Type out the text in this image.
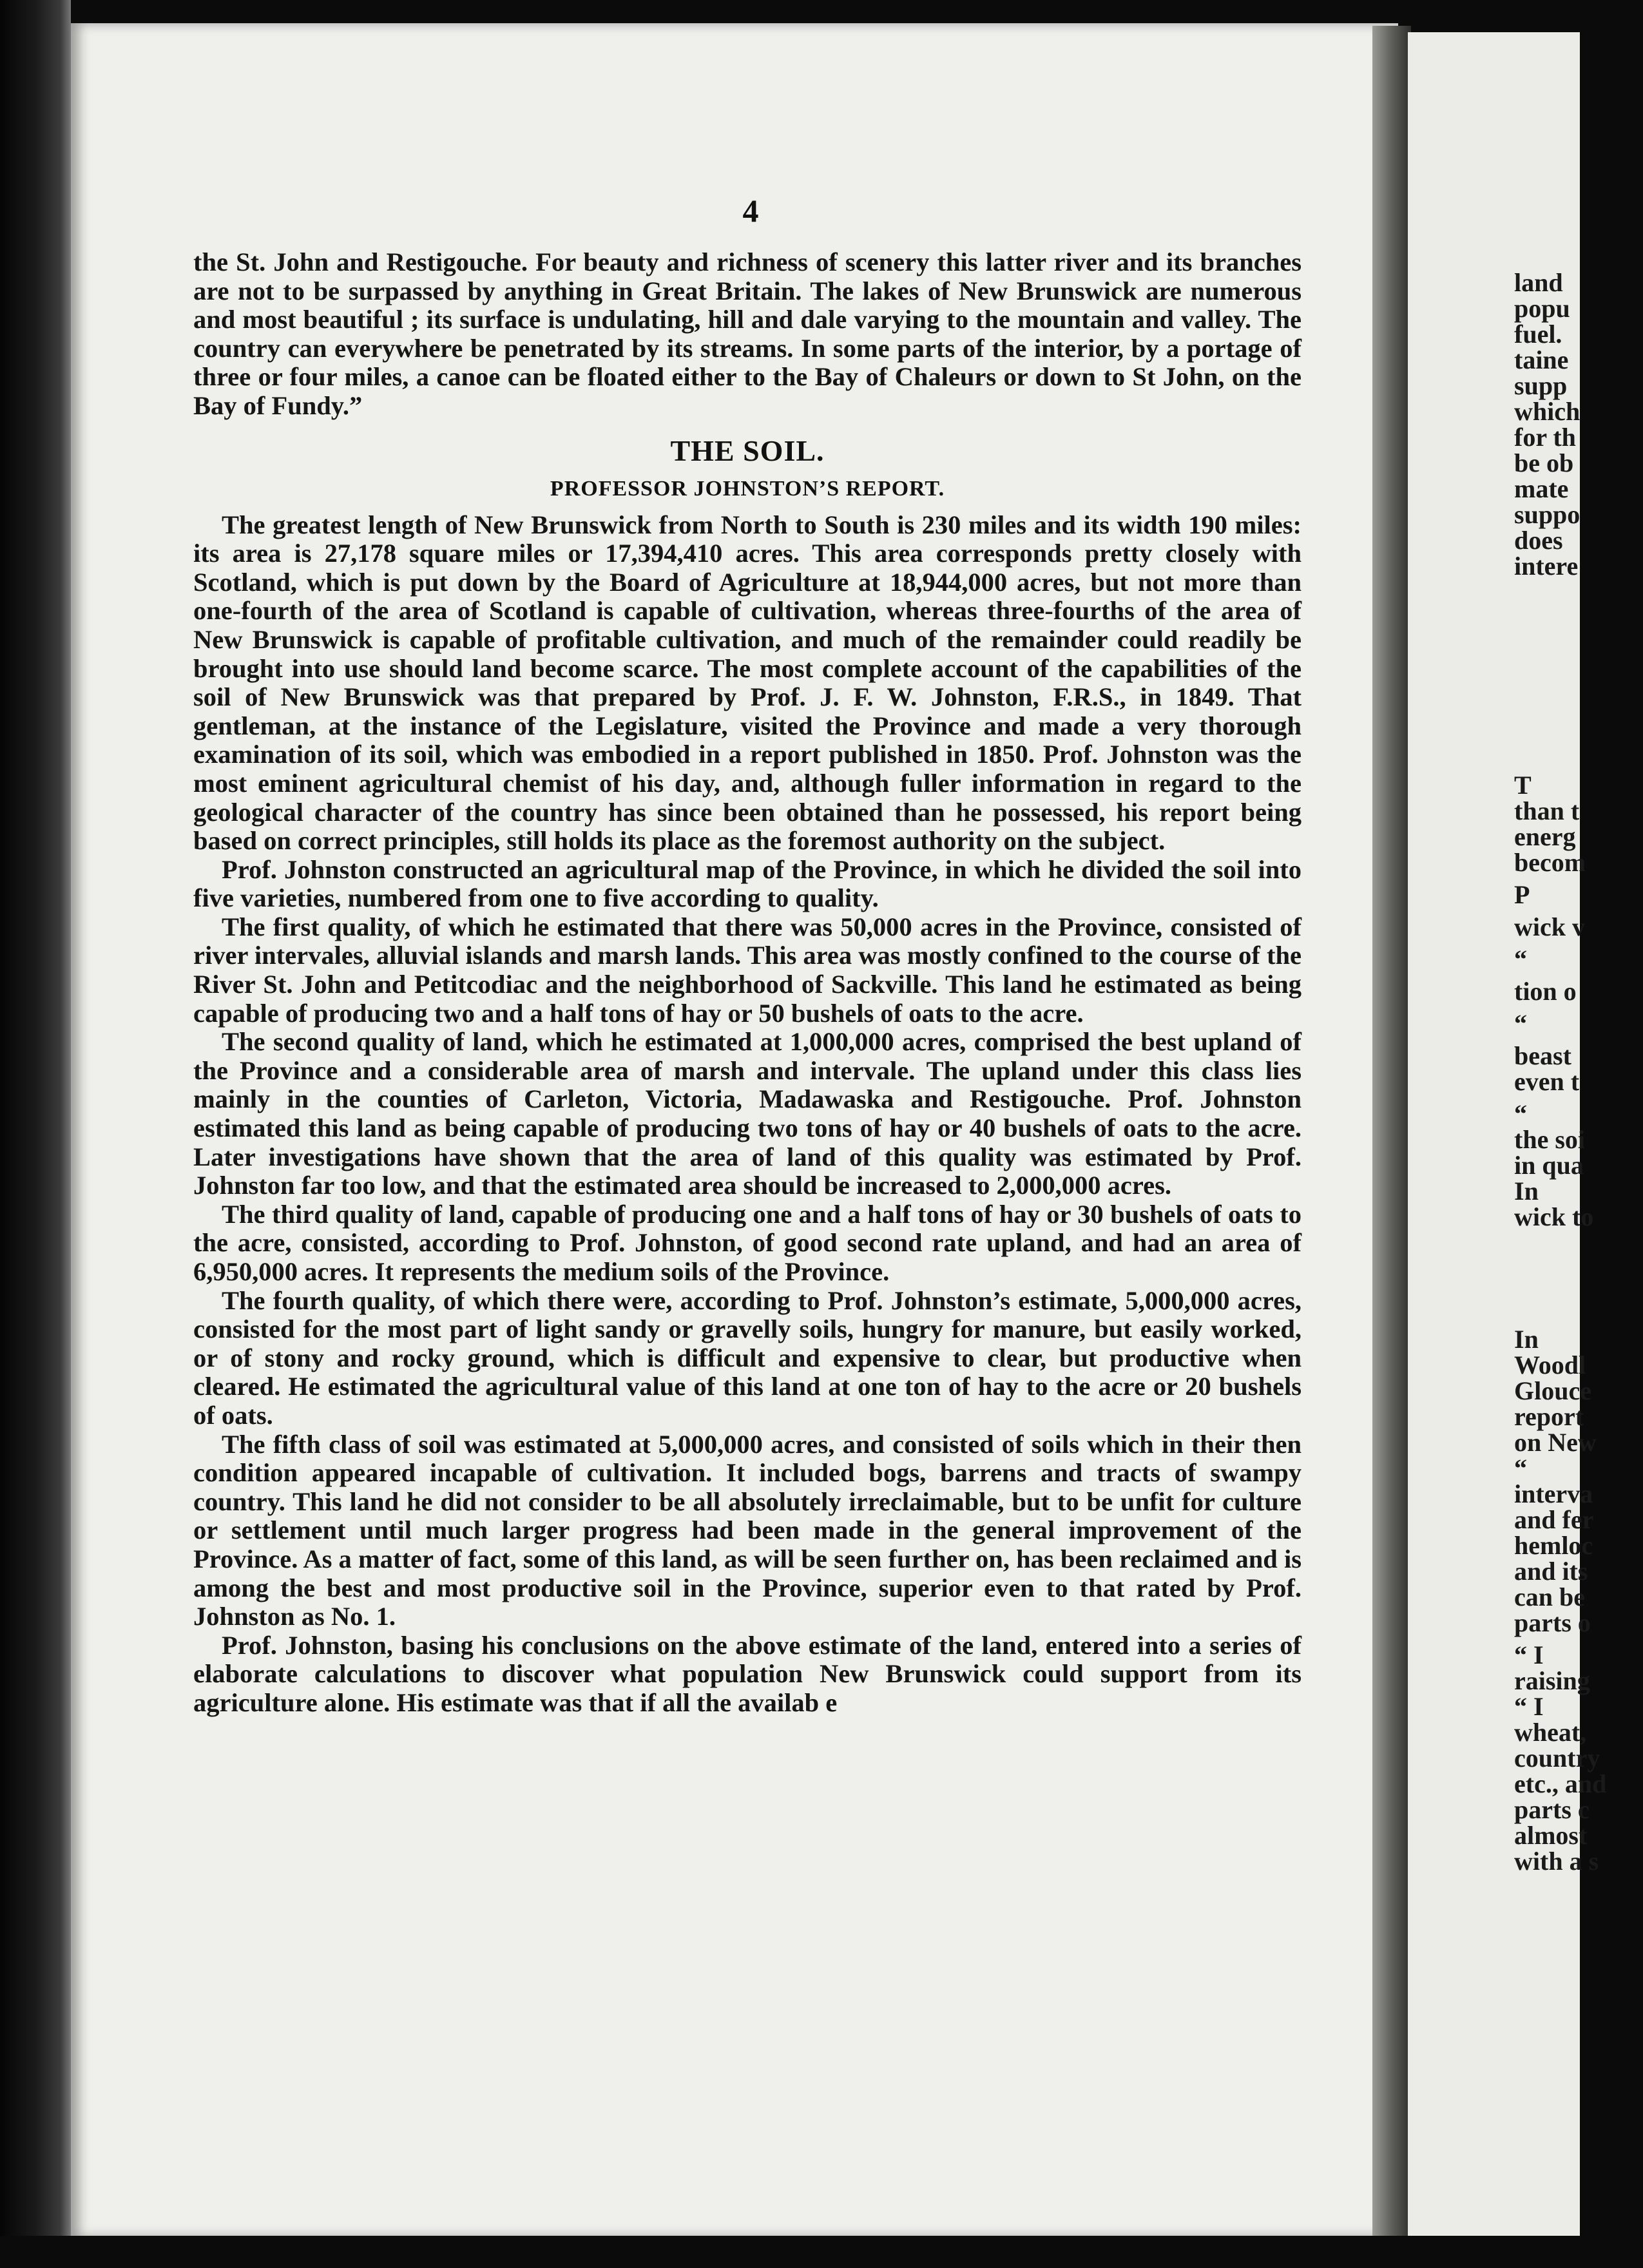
4

the St. John and Restigouche. For beauty and richness of scenery this latter river and its branches are not to be surpassed by anything in Great Britain. The lakes of New Brunswick are numerous and most beautiful ; its surface is undulating, hill and dale varying to the mountain and valley. The country can everywhere be penetrated by its streams. In some parts of the interior, by a portage of three or four miles, a canoe can be floated either to the Bay of Chaleurs or down to St John, on the Bay of Fundy.”

THE SOIL.
PROFESSOR JOHNSTON’S REPORT.

The greatest length of New Brunswick from North to South is 230 miles and its width 190 miles: its area is 27,178 square miles or 17,394,410 acres. This area corresponds pretty closely with Scotland, which is put down by the Board of Agriculture at 18,944,000 acres, but not more than one-fourth of the area of Scotland is capable of cultivation, whereas three-fourths of the area of New Brunswick is capable of profitable cultivation, and much of the remainder could readily be brought into use should land become scarce. The most complete account of the capabilities of the soil of New Brunswick was that prepared by Prof. J. F. W. Johnston, F.R.S., in 1849. That gentleman, at the instance of the Legislature, visited the Province and made a very thorough examination of its soil, which was embodied in a report published in 1850. Prof. Johnston was the most eminent agricultural chemist of his day, and, although fuller information in regard to the geological character of the country has since been obtained than he possessed, his report being based on correct principles, still holds its place as the foremost authority on the subject.

Prof. Johnston constructed an agricultural map of the Province, in which he divided the soil into five varieties, numbered from one to five according to quality.

The first quality, of which he estimated that there was 50,000 acres in the Province, consisted of river intervales, alluvial islands and marsh lands. This area was mostly confined to the course of the River St. John and Petitcodiac and the neighborhood of Sackville. This land he estimated as being capable of producing two and a half tons of hay or 50 bushels of oats to the acre.

The second quality of land, which he estimated at 1,000,000 acres, comprised the best upland of the Province and a considerable area of marsh and intervale. The upland under this class lies mainly in the counties of Carleton, Victoria, Madawaska and Restigouche. Prof. Johnston estimated this land as being capable of producing two tons of hay or 40 bushels of oats to the acre. Later investigations have shown that the area of land of this quality was estimated by Prof. Johnston far too low, and that the estimated area should be increased to 2,000,000 acres.

The third quality of land, capable of producing one and a half tons of hay or 30 bushels of oats to the acre, consisted, according to Prof. Johnston, of good second rate upland, and had an area of 6,950,000 acres. It represents the medium soils of the Province.

The fourth quality, of which there were, according to Prof. Johnston’s estimate, 5,000,000 acres, consisted for the most part of light sandy or gravelly soils, hungry for manure, but easily worked, or of stony and rocky ground, which is difficult and expensive to clear, but productive when cleared. He estimated the agricultural value of this land at one ton of hay to the acre or 20 bushels of oats.

The fifth class of soil was estimated at 5,000,000 acres, and consisted of soils which in their then condition appeared incapable of cultivation. It included bogs, barrens and tracts of swampy country. This land he did not consider to be all absolutely irreclaimable, but to be unfit for culture or settlement until much larger progress had been made in the general improvement of the Province. As a matter of fact, some of this land, as will be seen further on, has been reclaimed and is among the best and most productive soil in the Province, superior even to that rated by Prof. Johnston as No. 1.

Prof. Johnston, basing his conclusions on the above estimate of the land, entered into a series of elaborate calculations to discover what population New Brunswick could support from its agriculture alone. His estimate was that if all the availab e

land
popu
fuel.
taine
supp
which
for th
be ob
mate
suppo
does
intere
T
than t
energ
becom
P
wick v
“
tion o
“
beast
even t
“
the soi
in qua
In
wick to
In
Woodl
Glouce
report
on New
“
interva
and fer
hemloc
and its
can be
parts o
“ I
raising
“ I
wheat,
country
etc., and
parts c
almost
with a s
